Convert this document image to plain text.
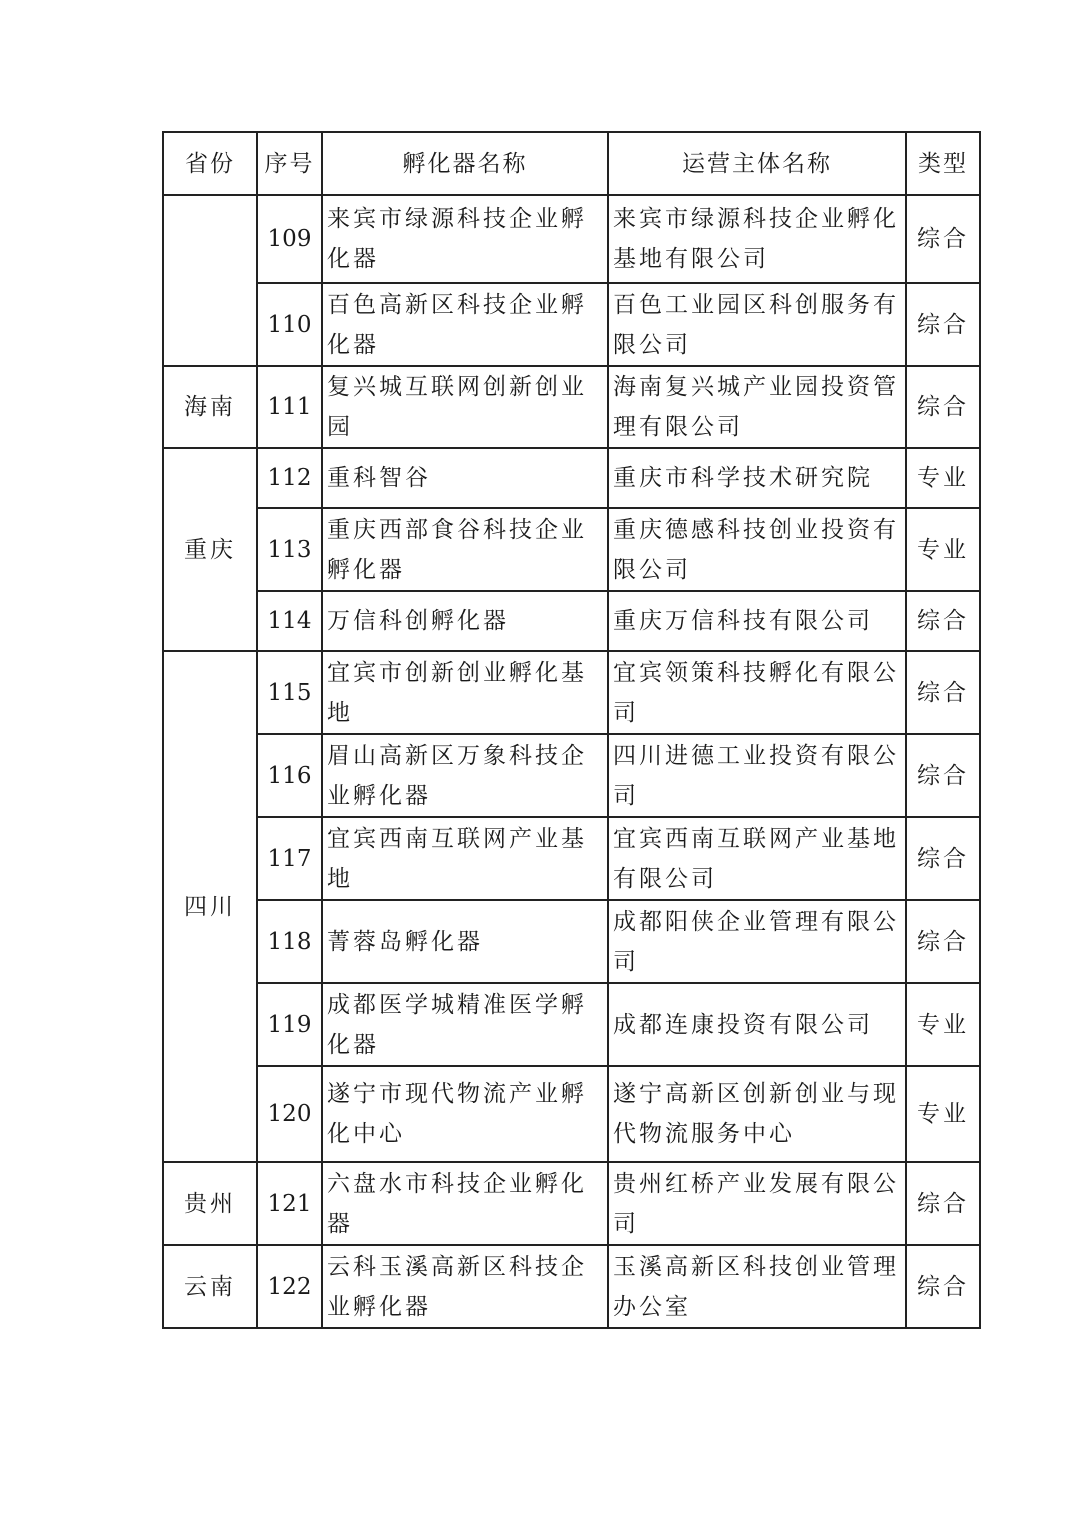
省份	序号	孵化器名称	运营主体名称	类型
	109	来宾市绿源科技企业孵化器	来宾市绿源科技企业孵化基地有限公司	综合
	110	百色高新区科技企业孵化器	百色工业园区科创服务有限公司	综合
海南	111	复兴城互联网创新创业园	海南复兴城产业园投资管理有限公司	综合
重庆	112	重科智谷	重庆市科学技术研究院	专业
	113	重庆西部食谷科技企业孵化器	重庆德感科技创业投资有限公司	专业
	114	万信科创孵化器	重庆万信科技有限公司	综合
四川	115	宜宾市创新创业孵化基地	宜宾领策科技孵化有限公司	综合
	116	眉山高新区万象科技企业孵化器	四川进德工业投资有限公司	综合
	117	宜宾西南互联网产业基地	宜宾西南互联网产业基地有限公司	综合
	118	菁蓉岛孵化器	成都阳侠企业管理有限公司	综合
	119	成都医学城精准医学孵化器	成都连康投资有限公司	专业
	120	遂宁市现代物流产业孵化中心	遂宁高新区创新创业与现代物流服务中心	专业
贵州	121	六盘水市科技企业孵化器	贵州红桥产业发展有限公司	综合
云南	122	云科玉溪高新区科技企业孵化器	玉溪高新区科技创业管理办公室	综合
